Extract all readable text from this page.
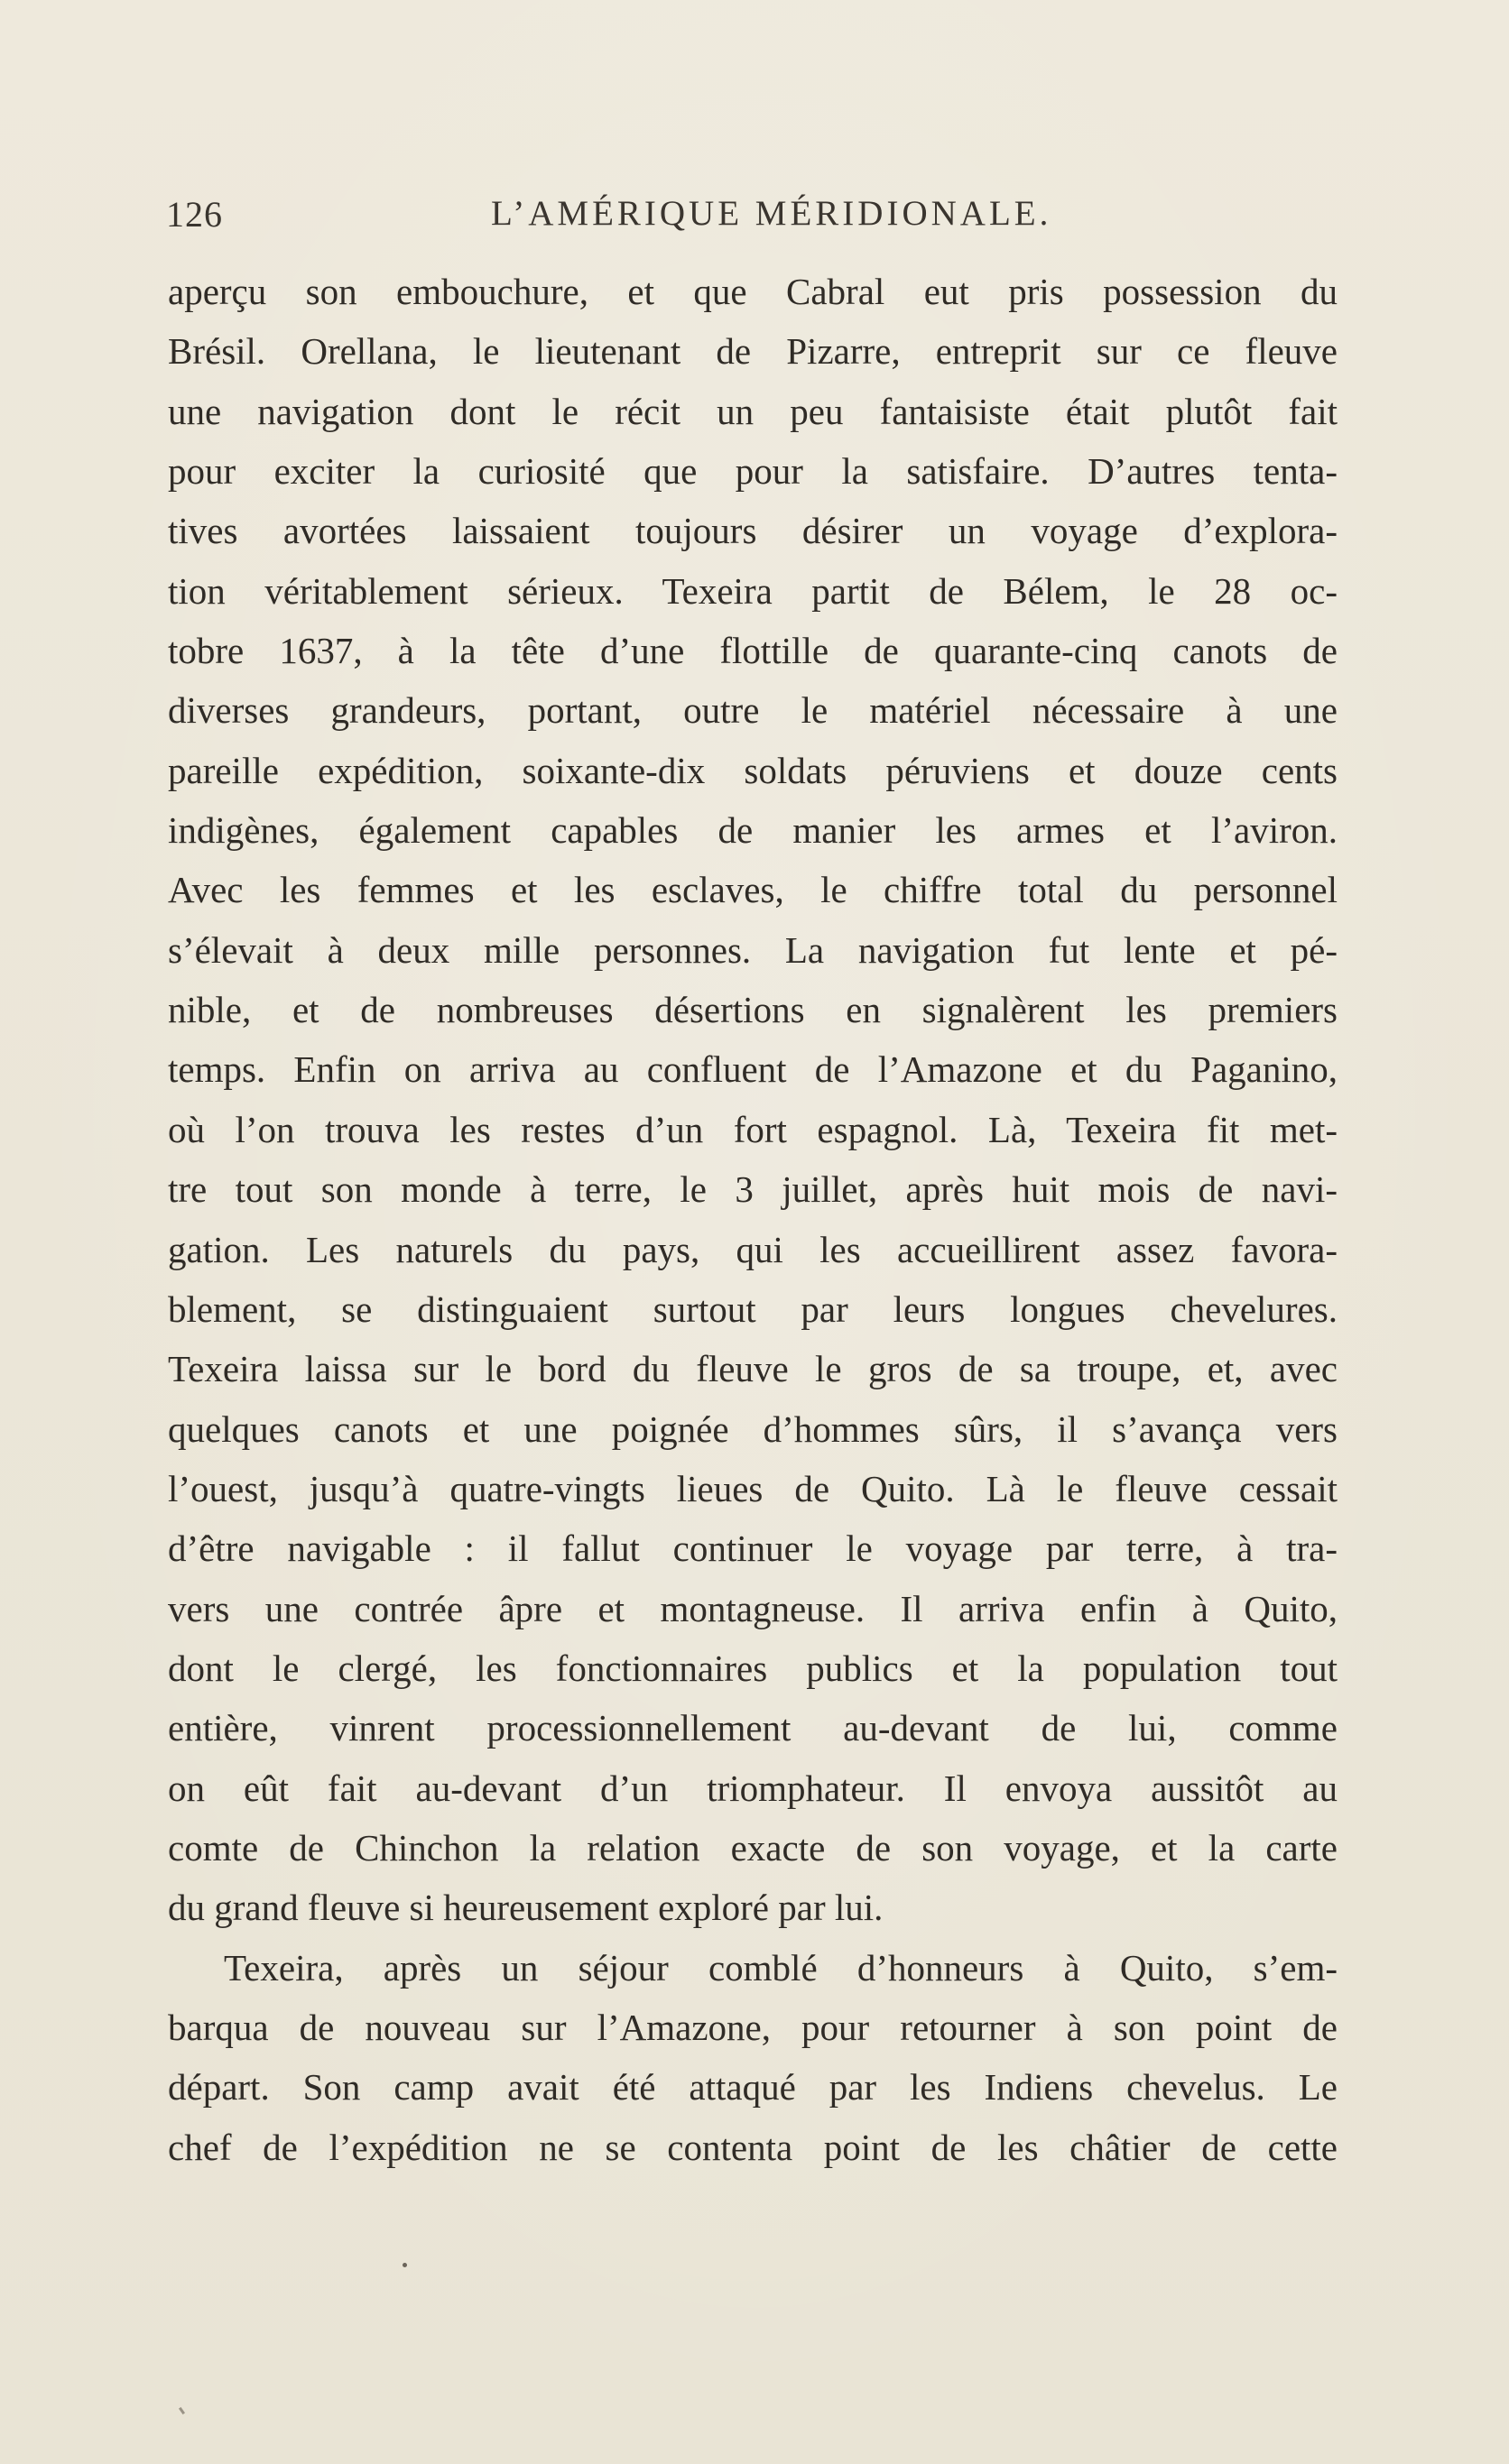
126	L’AMÉRIQUE MÉRIDIONALE.
aperçu son embouchure, et que Cabral eut pris possession du
Brésil. Orellana, le lieutenant de Pizarre, entreprit sur ce fleuve
une navigation dont le récit un peu fantaisiste était plutôt fait
pour exciter la curiosité que pour la satisfaire. D’autres tenta-
tives avortées laissaient toujours désirer un voyage d’explora-
tion véritablement sérieux. Texeira partit de Bélem, le 28 oc-
tobre 1637, à la tête d’une flottille de quarante-cinq canots de
diverses grandeurs, portant, outre le matériel nécessaire à une
pareille expédition, soixante-dix soldats péruviens et douze cents
indigènes, également capables de manier les armes et l’aviron.
Avec les femmes et les esclaves, le chiffre total du personnel
s’élevait à deux mille personnes. La navigation fut lente et pé-
nible, et de nombreuses désertions en signalèrent les premiers
temps. Enfin on arriva au confluent de l’Amazone et du Paganino,
où l’on trouva les restes d’un fort espagnol. Là, Texeira fit met-
tre tout son monde à terre, le 3 juillet, après huit mois de navi-
gation. Les naturels du pays, qui les accueillirent assez favora-
blement, se distinguaient surtout par leurs longues chevelures.
Texeira laissa sur le bord du fleuve le gros de sa troupe, et, avec
quelques canots et une poignée d’hommes sûrs, il s’avança vers
l’ouest, jusqu’à quatre-vingts lieues de Quito. Là le fleuve cessait
d’être navigable : il fallut continuer le voyage par terre, à tra-
vers une contrée âpre et montagneuse. Il arriva enfin à Quito,
dont le clergé, les fonctionnaires publics et la population tout
entière, vinrent processionnellement au-devant de lui, comme
on eût fait au-devant d’un triomphateur. Il envoya aussitôt au
comte de Chinchon la relation exacte de son voyage, et la carte
du grand fleuve si heureusement exploré par lui.
Texeira, après un séjour comblé d’honneurs à Quito, s’em-
barqua de nouveau sur l’Amazone, pour retourner à son point de
départ. Son camp avait été attaqué par les Indiens chevelus. Le
chef de l’expédition ne se contenta point de les châtier de cette
